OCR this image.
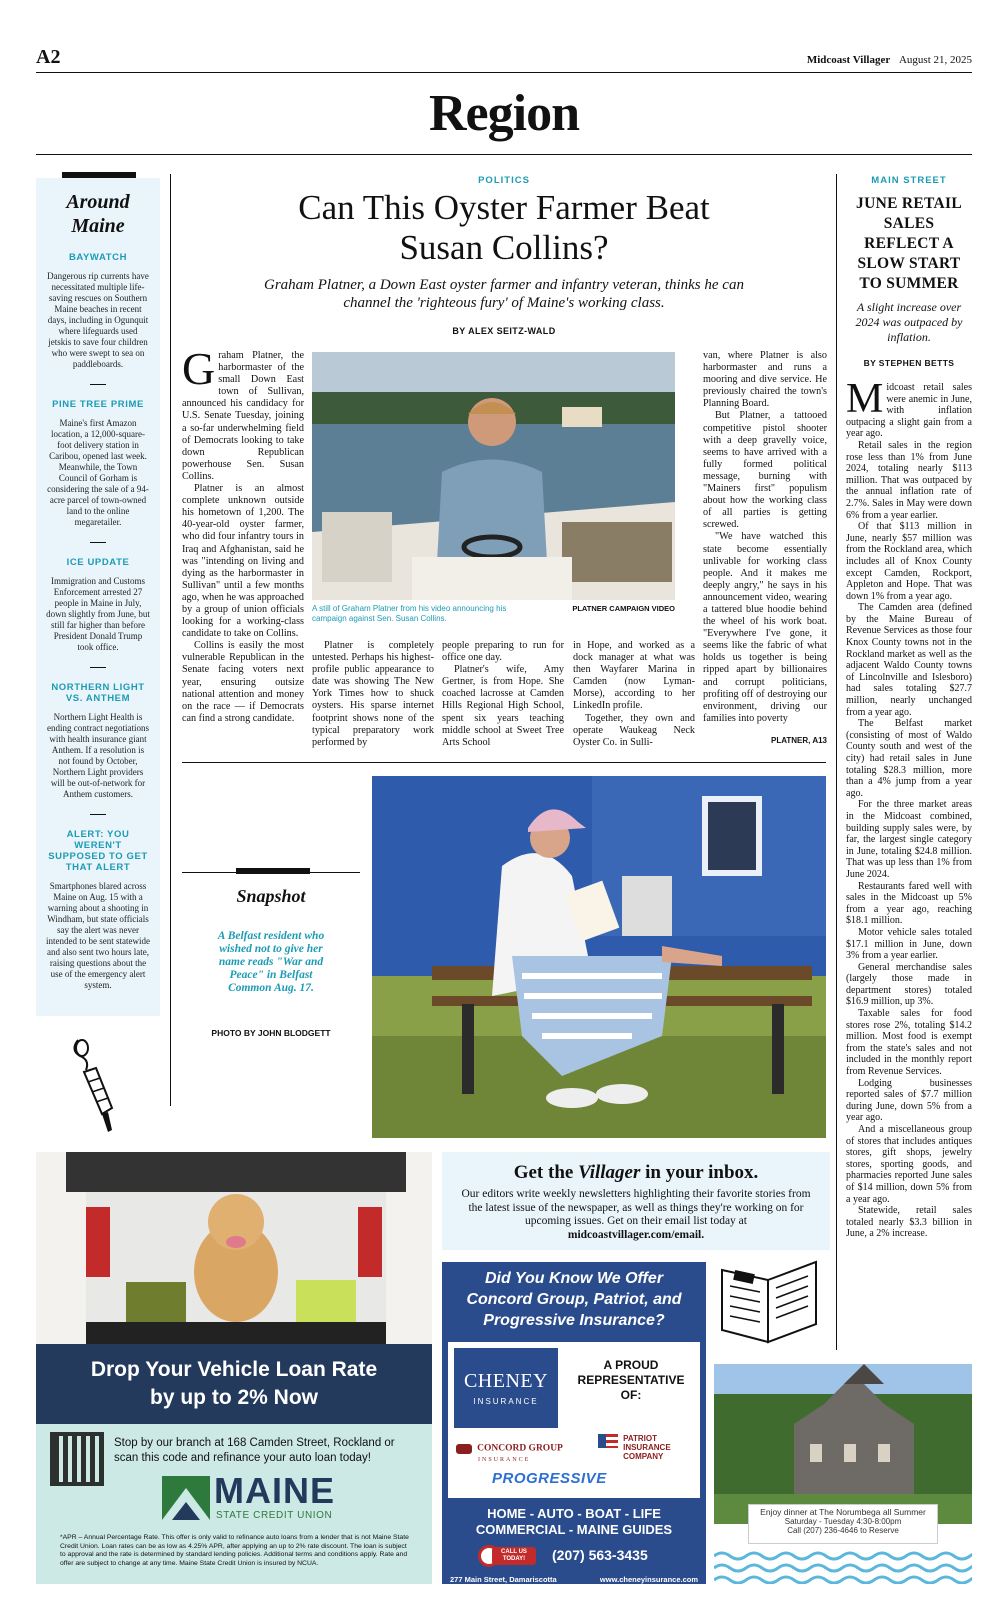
A2	Midcoast Villager August 21, 2025
Region
Around Maine
BAYWATCH

Dangerous rip currents have necessitated multiple life-saving rescues on Southern Maine beaches in recent days, including in Ogunquit where lifeguards used jetskis to save four children who were swept to sea on paddleboards.

PINE TREE PRIME

Maine's first Amazon location, a 12,000-square-foot delivery station in Caribou, opened last week. Meanwhile, the Town Council of Gorham is considering the sale of a 94-acre parcel of town-owned land to the online megaretailer.

ICE UPDATE

Immigration and Customs Enforcement arrested 27 people in Maine in July, down slightly from June, but still far higher than before President Donald Trump took office.

NORTHERN LIGHT VS. ANTHEM

Northern Light Health is ending contract negotiations with health insurance giant Anthem. If a resolution is not found by October, Northern Light providers will be out-of-network for Anthem customers.

ALERT: YOU WEREN'T SUPPOSED TO GET THAT ALERT

Smartphones blared across Maine on Aug. 15 with a warning about a shooting in Windham, but state officials say the alert was never intended to be sent statewide and also sent two hours late, raising questions about the use of the emergency alert system.

POLITICS
Can This Oyster Farmer Beat Susan Collins?
Graham Platner, a Down East oyster farmer and infantry veteran, thinks he can channel the 'righteous fury' of Maine's working class.
BY ALEX SEITZ-WALD

Graham Platner, the harbormaster of the small Down East town of Sullivan, announced his candidacy for U.S. Senate Tuesday, joining a so-far underwhelming field of Democrats looking to take down Republican powerhouse Sen. Susan Collins.

Platner is an almost complete unknown outside his hometown of 1,200. The 40-year-old oyster farmer, who did four infantry tours in Iraq and Afghanistan, said he was "intending on living and dying as the harbormaster in Sullivan" until a few months ago, when he was approached by a group of union officials looking for a working-class candidate to take on Collins.

Collins is easily the most vulnerable Republican in the Senate facing voters next year, ensuring outsize national attention and money on the race — if Democrats can find a strong candidate.

A still of Graham Platner from his video announcing his campaign against Sen. Susan Collins.
PLATNER CAMPAIGN VIDEO

Platner is completely untested. Perhaps his highest-profile public appearance to date was showing The New York Times how to shuck oysters. His sparse internet footprint shows none of the typical preparatory work performed by

people preparing to run for office one day.

Platner's wife, Amy Gertner, is from Hope. She coached lacrosse at Camden Hills Regional High School, spent six years teaching middle school at Sweet Tree Arts School

in Hope, and worked as a dock manager at what was then Wayfarer Marina in Camden (now Lyman-Morse), according to her LinkedIn profile.

Together, they own and operate Waukeag Neck Oyster Co. in Sulli-

van, where Platner is also harbormaster and runs a mooring and dive service. He previously chaired the town's Planning Board.

But Platner, a tattooed competitive pistol shooter with a deep gravelly voice, seems to have arrived with a fully formed political message, burning with "Mainers first" populism about how the working class of all parties is getting screwed.

"We have watched this state become essentially unlivable for working class people. And it makes me deeply angry," he says in his announcement video, wearing a tattered blue hoodie behind the wheel of his work boat. "Everywhere I've gone, it seems like the fabric of what holds us together is being ripped apart by billionaires and corrupt politicians, profiting off of destroying our environment, driving our families into poverty

PLATNER, A13
Snapshot
A Belfast resident who wished not to give her name reads "War and Peace" in Belfast Common Aug. 17.
PHOTO BY JOHN BLODGETT
MAIN STREET
JUNE RETAIL SALES REFLECT A SLOW START TO SUMMER
A slight increase over 2024 was outpaced by inflation.
BY STEPHEN BETTS

Midcoast retail sales were anemic in June, with inflation outpacing a slight gain from a year ago.

Retail sales in the region rose less than 1% from June 2024, totaling nearly $113 million. That was outpaced by the annual inflation rate of 2.7%. Sales in May were down 6% from a year earlier.

Of that $113 million in June, nearly $57 million was from the Rockland area, which includes all of Knox County except Camden, Rockport, Appleton and Hope. That was down 1% from a year ago.

The Camden area (defined by the Maine Bureau of Revenue Services as those four Knox County towns not in the Rockland market as well as the adjacent Waldo County towns of Lincolnville and Islesboro) had sales totaling $27.7 million, nearly unchanged from a year ago.

The Belfast market (consisting of most of Waldo County south and west of the city) had retail sales in June totaling $28.3 million, more than a 4% jump from a year ago.

For the three market areas in the Midcoast combined, building supply sales were, by far, the largest single category in June, totaling $24.8 million. That was up less than 1% from June 2024.

Restaurants fared well with sales in the Midcoast up 5% from a year ago, reaching $18.1 million.

Motor vehicle sales totaled $17.1 million in June, down 3% from a year earlier.

General merchandise sales (largely those made in department stores) totaled $16.9 million, up 3%.

Taxable sales for food stores rose 2%, totaling $14.2 million. Most food is exempt from the state's sales and not included in the monthly report from Revenue Services.

Lodging businesses reported sales of $7.7 million during June, down 5% from a year ago.

And a miscellaneous group of stores that includes antiques stores, gift shops, jewelry stores, sporting goods, and pharmacies reported June sales of $14 million, down 5% from a year ago.

Statewide, retail sales totaled nearly $3.3 billion in June, a 2% increase.

Drop Your Vehicle Loan Rate by up to 2% Now
Stop by our branch at 168 Camden Street, Rockland or scan this code and refinance your auto loan today!
MAINE
STATE CREDIT UNION
*APR – Annual Percentage Rate. This offer is only valid to refinance auto loans from a lender that is not Maine State Credit Union. Loan rates can be as low as 4.25% APR, after applying an up to 2% rate discount. The loan is subject to approval and the rate is determined by standard lending policies. Additional terms and conditions apply. Rate and offer are subject to change at any time. Maine State Credit Union is insured by NCUA.
Get the Villager in your inbox.
Our editors write weekly newsletters highlighting their favorite stories from the latest issue of the newspaper, as well as things they're working on for upcoming issues. Get on their email list today at midcoastvillager.com/email.
Did You Know We Offer Concord Group, Patriot, and Progressive Insurance?
CHENEY
INSURANCE
A PROUD REPRESENTATIVE OF:
CONCORD GROUP
INSURANCE
PATRIOT INSURANCE COMPANY
PROGRESSIVE
HOME - AUTO - BOAT - LIFE
COMMERCIAL - MAINE GUIDES
CALL US TODAY!	(207) 563-3435
277 Main Street, Damariscotta	www.cheneyinsurance.com
Enjoy dinner at The Norumbega all Summer
Saturday - Tuesday 4:30-8:00pm
Call (207) 236-4646 to Reserve
